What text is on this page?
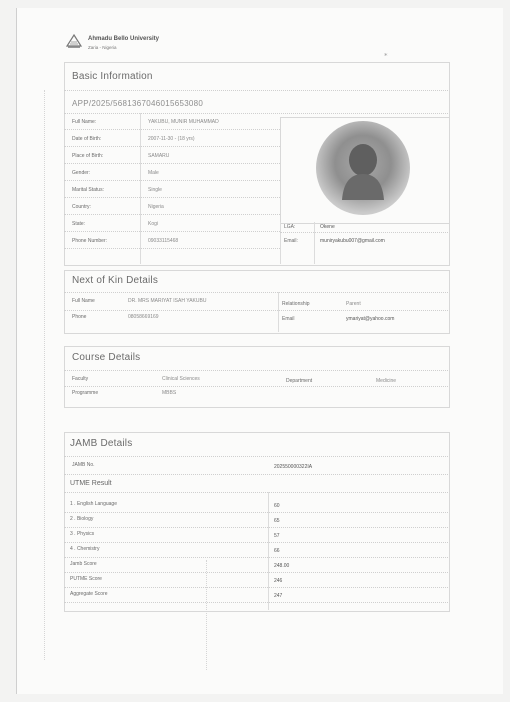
Ahmadu Bello University
Zaria - Nigeria
Basic Information
APP/2025/5681367046015653080
Full Name:	YAKUBU, MUNIR MUHAMMAD
Date of Birth:	2007-11-30 - (18 yrs)
Place of Birth:	SAMARU
Gender:	Male
Marital Status:	Single
Country:	Nigeria
State:	Kogi
Phone Number:	09033115468
LGA:	Okene
Email:	muniryakubu007@gmail.com
Next of Kin Details
Full Name	DR. MRS MARIYAT ISAH YAKUBU	Relationship	Parent
Phone	08058669169	Email	ymariyat@yahoo.com
Course Details
Faculty	Clinical Sciences	Department	Medicine
Programme	MBBS
JAMB Details
JAMB No.	202550000322IA
UTME Result
1 . English Language	60
2 . Biology	65
3 . Physics	57
4 . Chemistry	66
Jamb Score	248.00
PUTME Score	246
Aggregate Score	247
⁎
